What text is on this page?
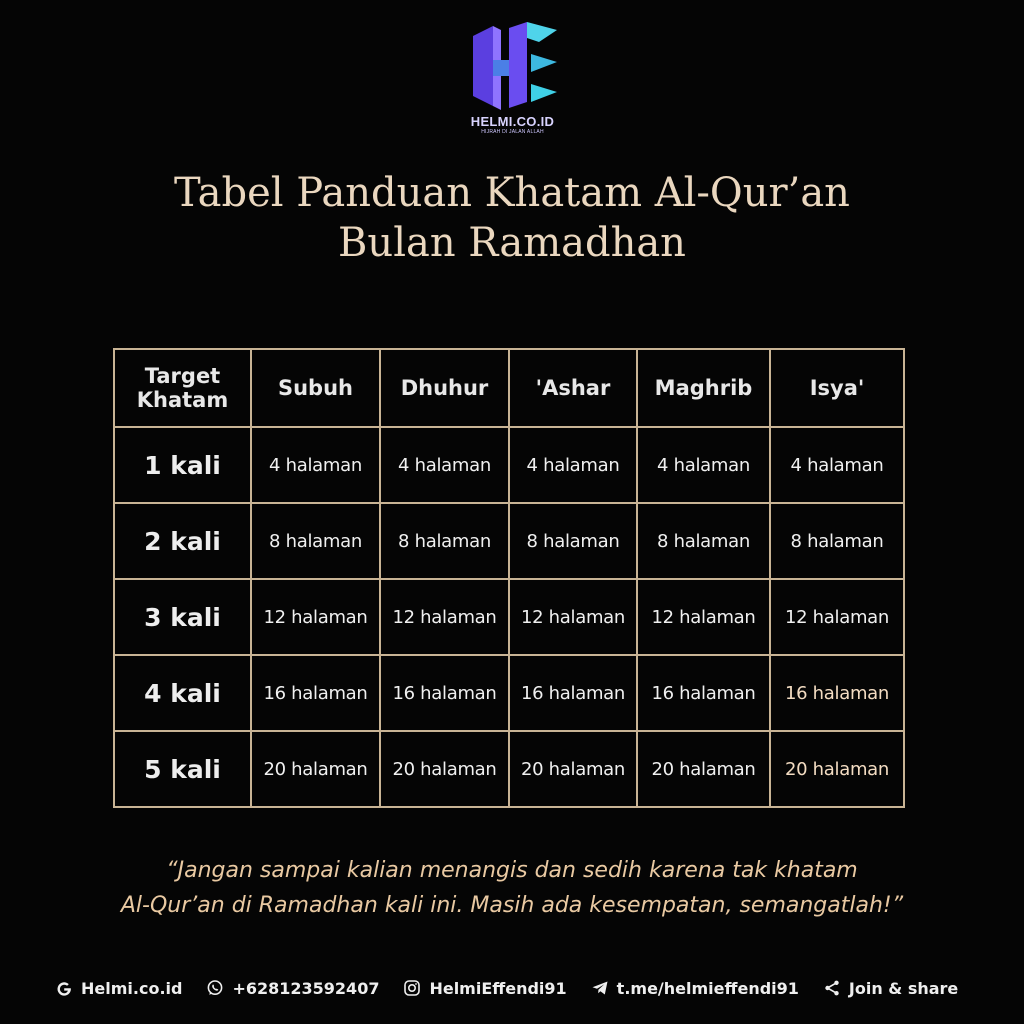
HELMI.CO.ID
HIJRAH DI JALAN ALLAH
Tabel Panduan Khatam Al-Qur’an
Bulan Ramadhan
Target
Khatam	Subuh	Dhuhur	'Ashar	Maghrib	Isya'
1 kali	4 halaman	4 halaman	4 halaman	4 halaman	4 halaman
2 kali	8 halaman	8 halaman	8 halaman	8 halaman	8 halaman
3 kali	12 halaman	12 halaman	12 halaman	12 halaman	12 halaman
4 kali	16 halaman	16 halaman	16 halaman	16 halaman	16 halaman
5 kali	20 halaman	20 halaman	20 halaman	20 halaman	20 halaman
“Jangan sampai kalian menangis dan sedih karena tak khatam
Al-Qur’an di Ramadhan kali ini. Masih ada kesempatan, semangatlah!”
Helmi.co.id	+628123592407	HelmiEffendi91	t.me/helmieffendi91	Join & share
